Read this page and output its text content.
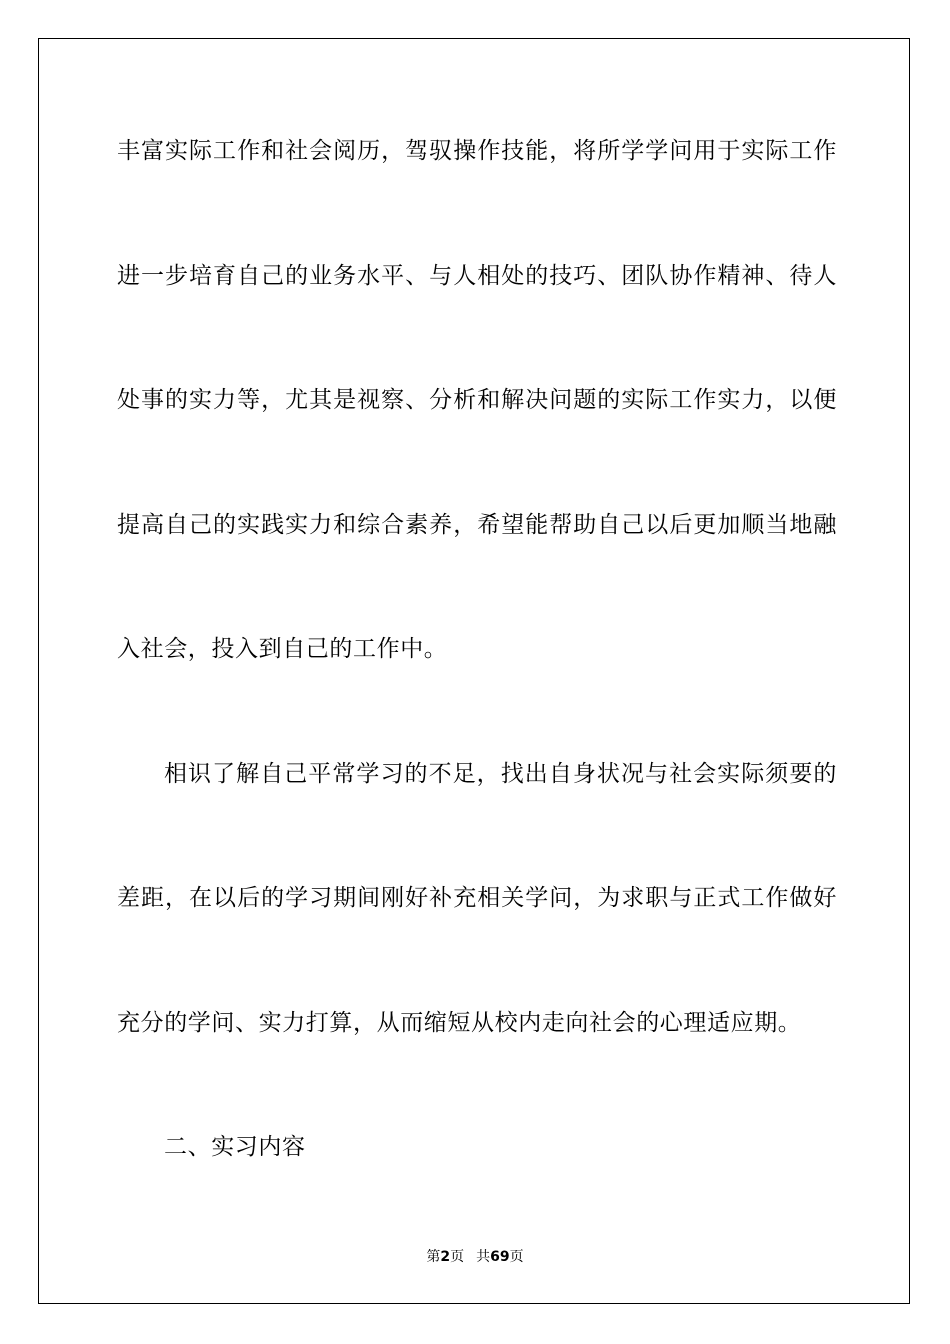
丰富实际工作和社会阅历，驾驭操作技能，将所学学问用于实际工作
进一步培育自己的业务水平、与人相处的技巧、团队协作精神、待人
处事的实力等，尤其是视察、分析和解决问题的实际工作实力，以便
提高自己的实践实力和综合素养，希望能帮助自己以后更加顺当地融
入社会，投入到自己的工作中。
相识了解自己平常学习的不足，找出自身状况与社会实际须要的
差距，在以后的学习期间刚好补充相关学问，为求职与正式工作做好
充分的学问、实力打算，从而缩短从校内走向社会的心理适应期。
二、实习内容
第2页 共69页
